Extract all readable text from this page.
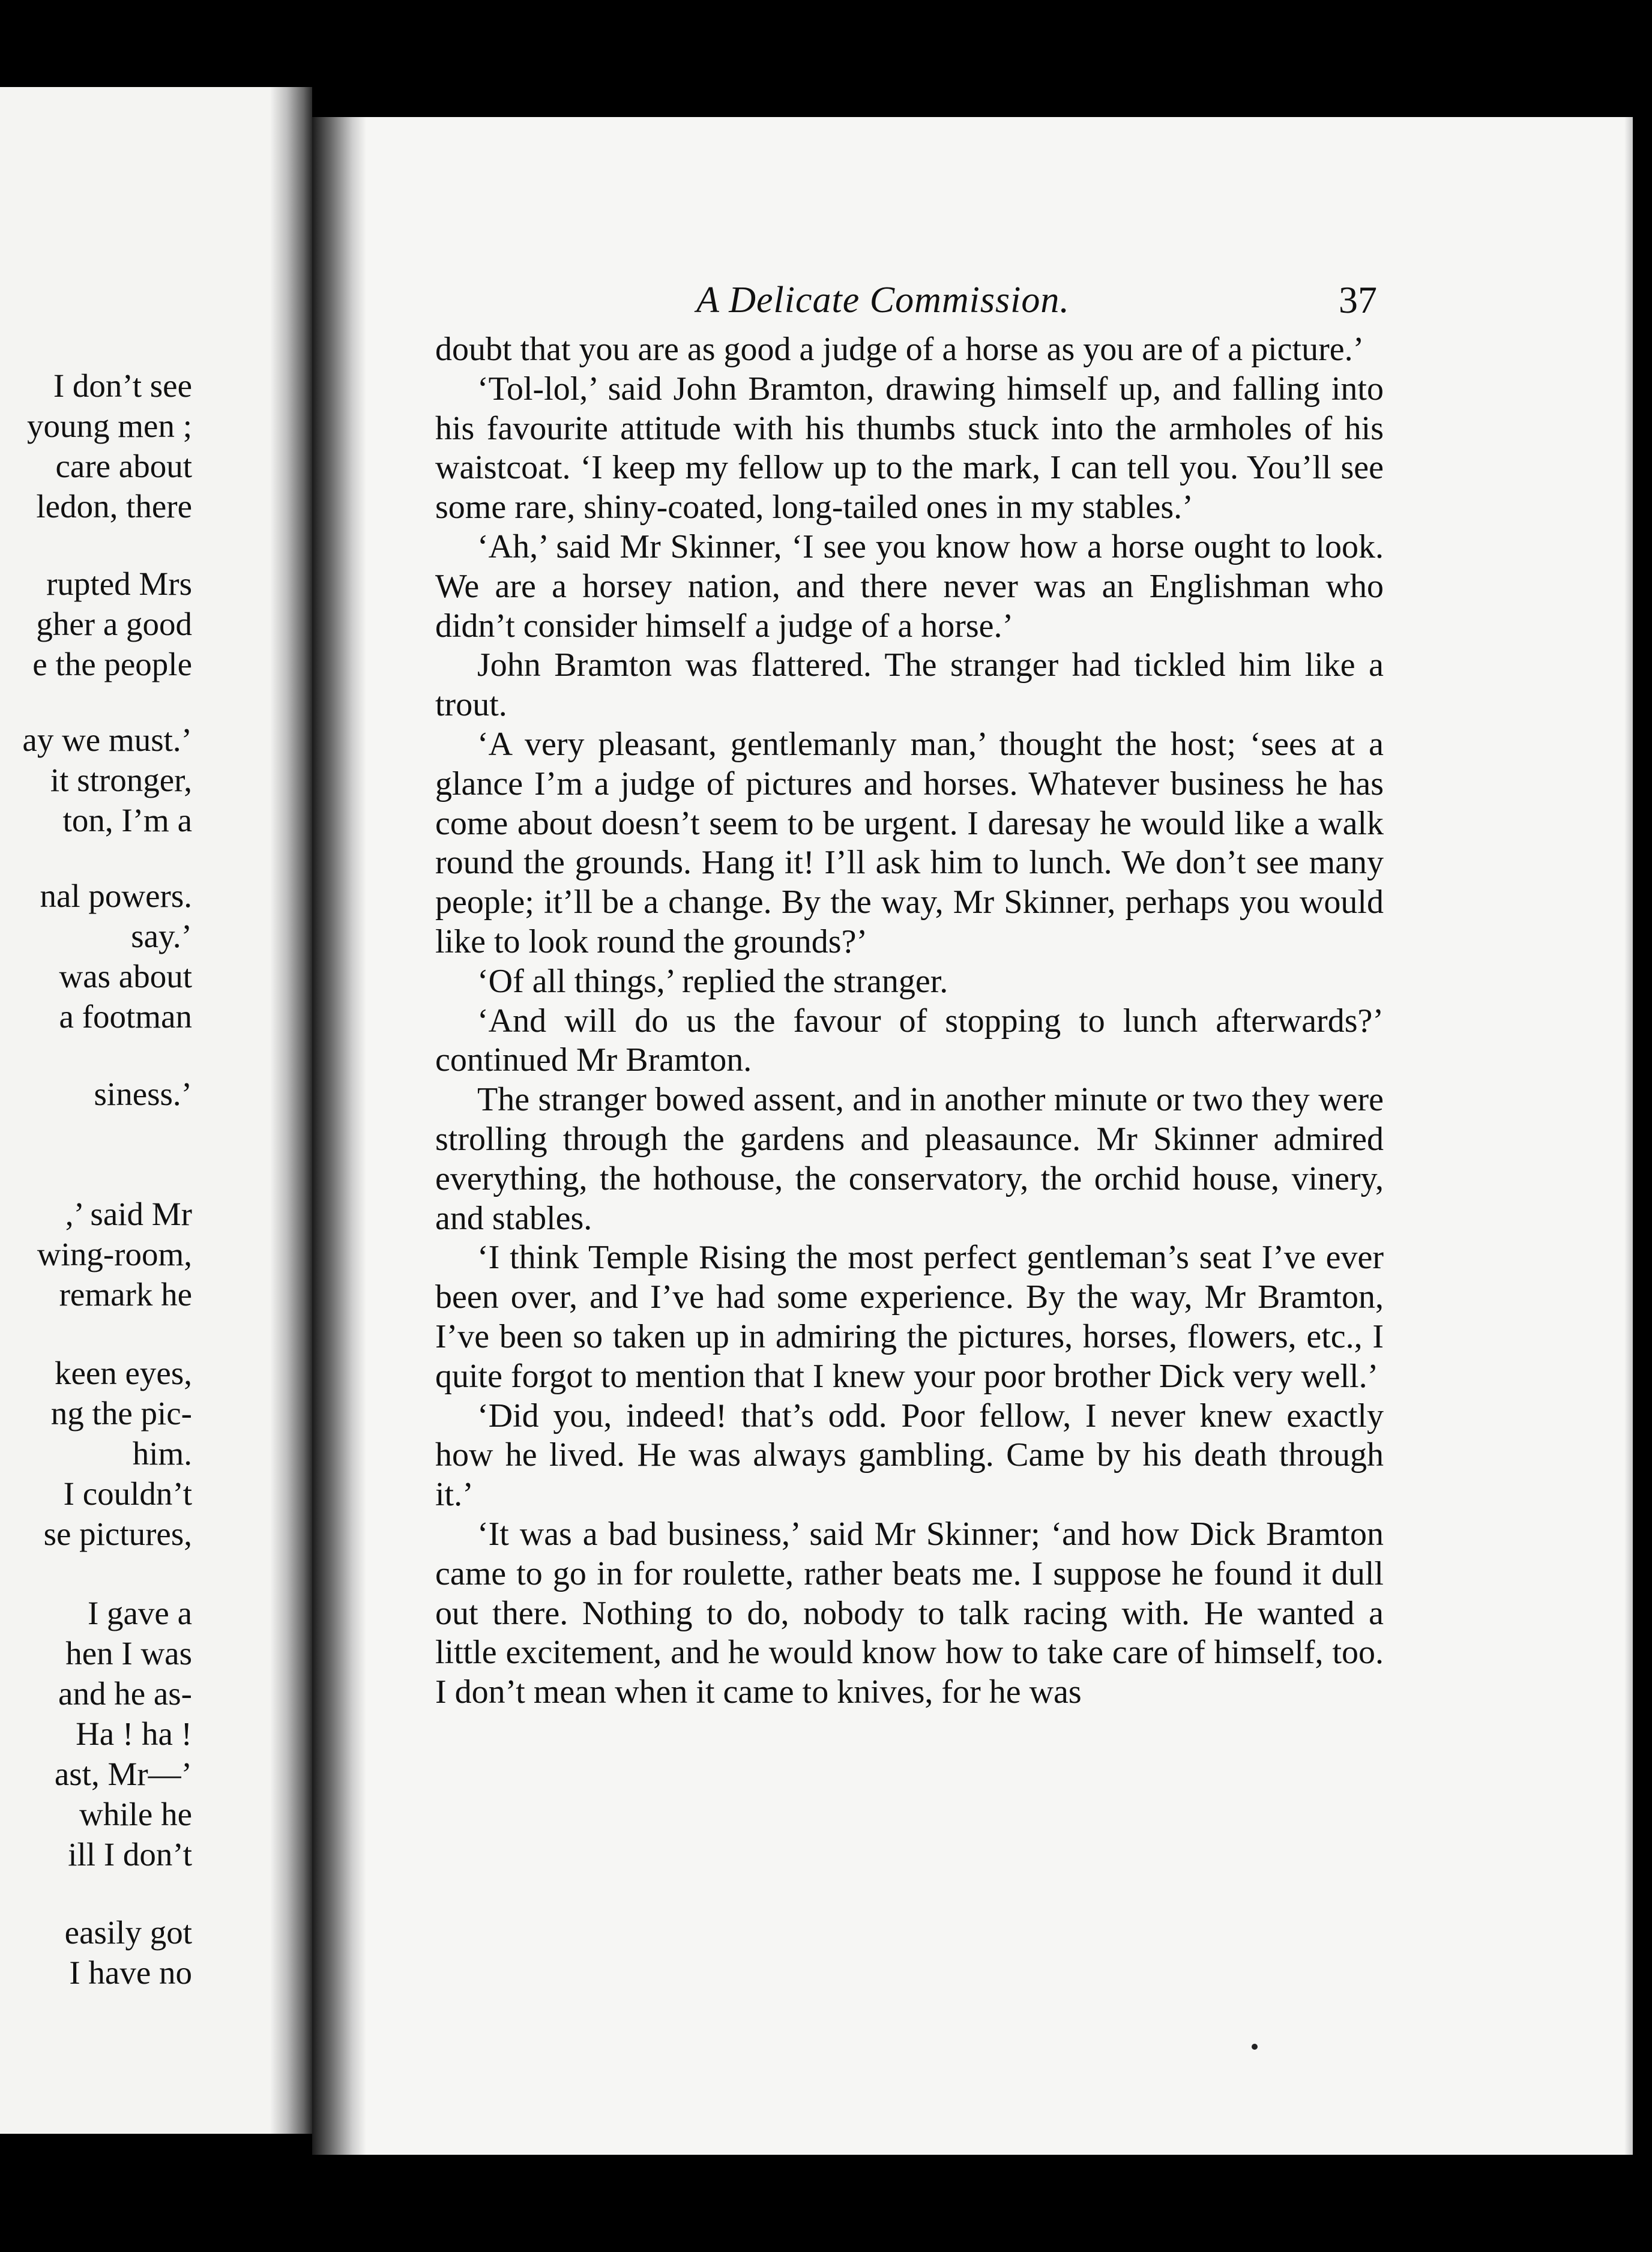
I don’t see
young men ;
care about
ledon, there
rupted Mrs
gher a good
e the people
ay we must.’
it stronger,
ton, I’m a
nal powers.
say.’
was about
a footman
siness.’
,’ said Mr
wing-room,
remark he
keen eyes,
ng the pic-
him.
I couldn’t
se pictures,
I gave a
hen I was
and he as-
Ha ! ha !
ast, Mr—’
while he
ill I don’t
easily got
I have no
A Delicate Commission.	37

doubt that you are as good a judge of a horse as you are of a picture.’

‘Tol-lol,’ said John Bramton, drawing himself up, and falling into his favourite attitude with his thumbs stuck into the armholes of his waistcoat. ‘I keep my fellow up to the mark, I can tell you. You’ll see some rare, shiny-coated, long-tailed ones in my stables.’

‘Ah,’ said Mr Skinner, ‘I see you know how a horse ought to look. We are a horsey nation, and there never was an Englishman who didn’t consider himself a judge of a horse.’

John Bramton was flattered. The stranger had tickled him like a trout.

‘A very pleasant, gentlemanly man,’ thought the host; ‘sees at a glance I’m a judge of pictures and horses. Whatever business he has come about doesn’t seem to be urgent. I daresay he would like a walk round the grounds. Hang it! I’ll ask him to lunch. We don’t see many people; it’ll be a change. By the way, Mr Skinner, perhaps you would like to look round the grounds?’

‘Of all things,’ replied the stranger.

‘And will do us the favour of stopping to lunch afterwards?’ continued Mr Bramton.

The stranger bowed assent, and in another minute or two they were strolling through the gardens and pleasaunce. Mr Skinner admired everything, the hothouse, the conservatory, the orchid house, vinery, and stables.

‘I think Temple Rising the most perfect gentleman’s seat I’ve ever been over, and I’ve had some experience. By the way, Mr Bramton, I’ve been so taken up in admiring the pictures, horses, flowers, etc., I quite forgot to mention that I knew your poor brother Dick very well.’

‘Did you, indeed! that’s odd. Poor fellow, I never knew exactly how he lived. He was always gambling. Came by his death through it.’

‘It was a bad business,’ said Mr Skinner; ‘and how Dick Bramton came to go in for roulette, rather beats me. I suppose he found it dull out there. Nothing to do, nobody to talk racing with. He wanted a little excitement, and he would know how to take care of himself, too. I don’t mean when it came to knives, for he was
